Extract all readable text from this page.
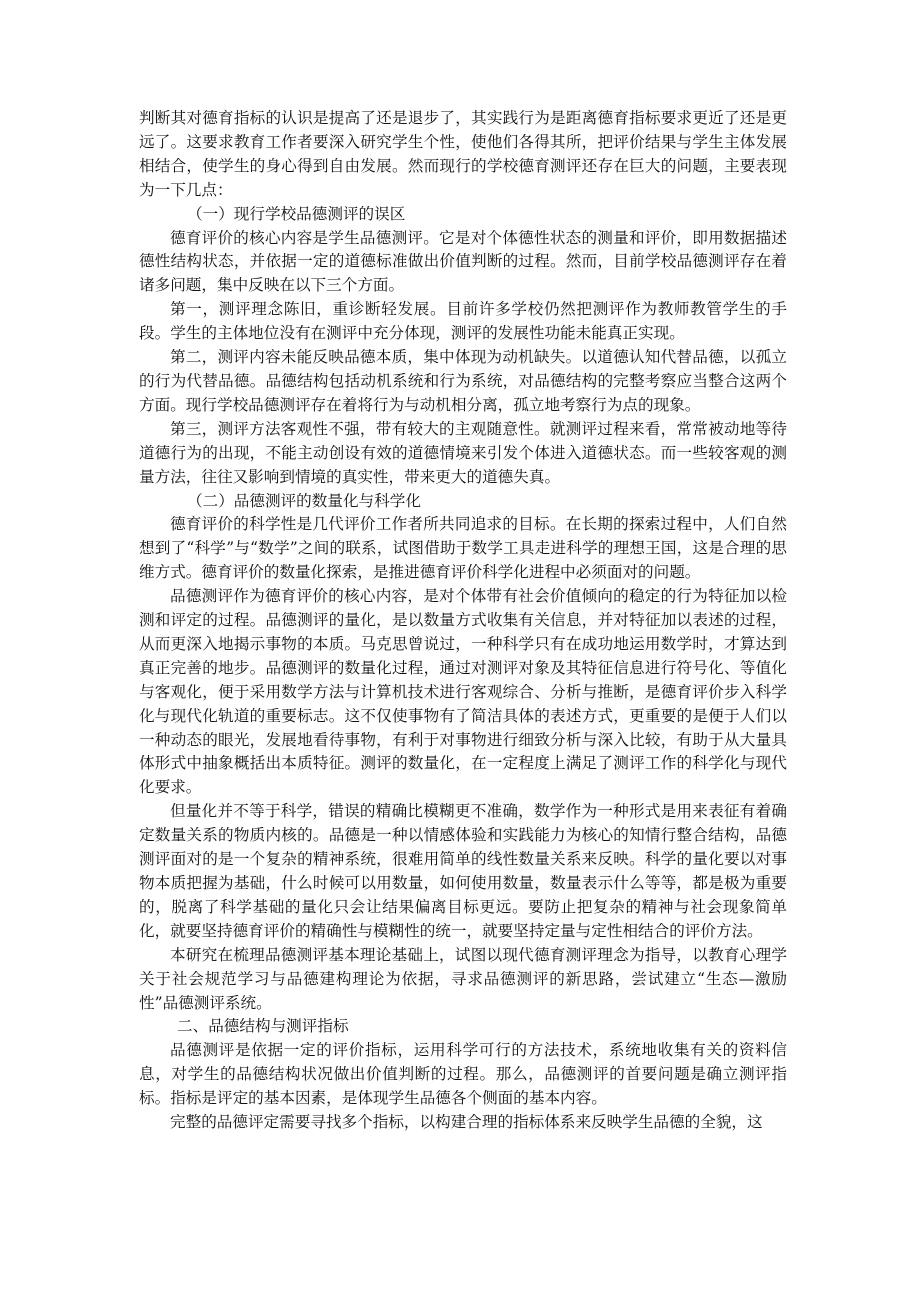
判断其对德育指标的认识是提高了还是退步了，其实践行为是距离德育指标要求更近了还是更远了。这要求教育工作者要深入研究学生个性，使他们各得其所，把评价结果与学生主体发展相结合，使学生的身心得到自由发展。然而现行的学校德育测评还存在巨大的问题，主要表现为一下几点：

（一）现行学校品德测评的误区

德育评价的核心内容是学生品德测评。它是对个体德性状态的测量和评价，即用数据描述德性结构状态，并依据一定的道德标准做出价值判断的过程。然而，目前学校品德测评存在着诸多问题，集中反映在以下三个方面。

第一，测评理念陈旧，重诊断轻发展。目前许多学校仍然把测评作为教师教管学生的手段。学生的主体地位没有在测评中充分体现，测评的发展性功能未能真正实现。

第二，测评内容未能反映品德本质，集中体现为动机缺失。以道德认知代替品德，以孤立的行为代替品德。品德结构包括动机系统和行为系统，对品德结构的完整考察应当整合这两个方面。现行学校品德测评存在着将行为与动机相分离，孤立地考察行为点的现象。

第三，测评方法客观性不强，带有较大的主观随意性。就测评过程来看，常常被动地等待道德行为的出现，不能主动创设有效的道德情境来引发个体进入道德状态。而一些较客观的测量方法，往往又影响到情境的真实性，带来更大的道德失真。

（二）品德测评的数量化与科学化

德育评价的科学性是几代评价工作者所共同追求的目标。在长期的探索过程中，人们自然想到了“科学”与“数学”之间的联系，试图借助于数学工具走进科学的理想王国，这是合理的思维方式。德育评价的数量化探索，是推进德育评价科学化进程中必须面对的问题。

品德测评作为德育评价的核心内容，是对个体带有社会价值倾向的稳定的行为特征加以检测和评定的过程。品德测评的量化，是以数量方式收集有关信息，并对特征加以表述的过程，从而更深入地揭示事物的本质。马克思曾说过，一种科学只有在成功地运用数学时，才算达到真正完善的地步。品德测评的数量化过程，通过对测评对象及其特征信息进行符号化、等值化与客观化，便于采用数学方法与计算机技术进行客观综合、分析与推断，是德育评价步入科学化与现代化轨道的重要标志。这不仅使事物有了简洁具体的表述方式，更重要的是便于人们以一种动态的眼光，发展地看待事物，有利于对事物进行细致分析与深入比较，有助于从大量具体形式中抽象概括出本质特征。测评的数量化，在一定程度上满足了测评工作的科学化与现代化要求。

但量化并不等于科学，错误的精确比模糊更不准确，数学作为一种形式是用来表征有着确定数量关系的物质内核的。品德是一种以情感体验和实践能力为核心的知情行整合结构，品德测评面对的是一个复杂的精神系统，很难用简单的线性数量关系来反映。科学的量化要以对事物本质把握为基础，什么时候可以用数量，如何使用数量，数量表示什么等等，都是极为重要的，脱离了科学基础的量化只会让结果偏离目标更远。要防止把复杂的精神与社会现象简单化，就要坚持德育评价的精确性与模糊性的统一，就要坚持定量与定性相结合的评价方法。

本研究在梳理品德测评基本理论基础上，试图以现代德育测评理念为指导，以教育心理学关于社会规范学习与品德建构理论为依据，寻求品德测评的新思路，尝试建立“生态—激励性”品德测评系统。

二、品德结构与测评指标

品德测评是依据一定的评价指标，运用科学可行的方法技术，系统地收集有关的资料信息，对学生的品德结构状况做出价值判断的过程。那么，品德测评的首要问题是确立测评指标。指标是评定的基本因素，是体现学生品德各个侧面的基本内容。

完整的品德评定需要寻找多个指标，以构建合理的指标体系来反映学生品德的全貌，这
